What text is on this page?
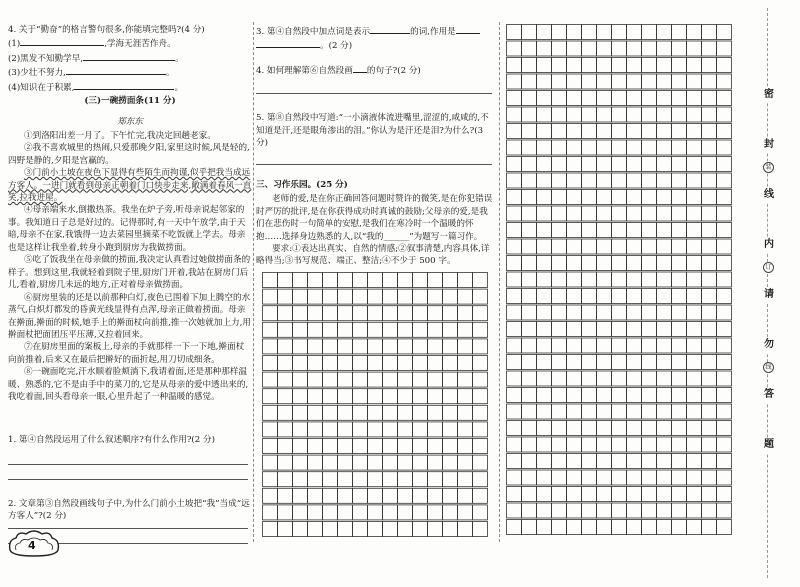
4. 关于“勤奋”的格言警句很多,你能填完整吗?(4 分)

(1)	,学海无涯苦作舟。

(2)黑发不知勤学早,	。

(3)少壮不努力,	。

(4)知识在于积累,	。

(三)一碗捞面条(11 分)

郑东东

①到洛阳出差一月了。下午忙完,我决定回趟老家。

②我不喜欢城里的热闹,只爱那晚夕阳,家里这时候,风是轻的,四野是静的,夕阳是宫赢的。

③门前小土坡在夜色下显得有些陌生而拘谨,似乎把我当成远方客人。一进门就看到母亲正朝着门口快步走来,敞满着春风一直笑,拉我进屋。

④母亲端来水,倒撒热茶。我坐在炉子旁,听母亲说起邻家的事。我知道日子总是好过的。记得那时,有一天中午放学,由于天暗,母亲不在家,我饿得一边去菜园里摘菜不吃饭就上学去。母亲也是这样让我坐着,转身小跑到厨房为我做捞面。

⑤吃了饭我坐在母亲做的捞面,我决定认真看过她做捞面条的样子。想到这里,我就轻着到院子里,厨房门开着,我站在厨房门后儿,看着,厨房几未远的地方,正对着母亲做捞面。

⑥厨房里装的还是以前那种白灯,夜色已围着下加上腾空的水蒸气,白炽灯都发的昏黄光线显得有点浑,母亲正做着捞面。母亲在擀面,擀面的时候,她手上的擀面杖向前推,推一次她就加上力,用擀面杖把面团压平压薄,又拉着回来。

⑦在厨房里面的案板上,母亲的手就那样一下一下地,擀面杖向前推着,后来又在最后把擀好的面折起,用刀切成细条。

⑧一碗面吃完,汗水顺着脸颊淌下,我请着面,还是那种那样温暖、熟悉的,它不是由手中的菜刀的,它是从母亲的爱中透出来的,我吃着面,回头看母亲一眼,心里升起了一种温暖的感觉。

1. 第④自然段运用了什么叙述顺序?有什么作用?(2 分)

2. 文章第③自然段画线句子中,为什么门前小土坡把“我”当成“远方客人”?(2 分)

3. 第④自然段中加点词是表示	的词,作用是

。(2 分)

4. 如何理解第⑥自然段画 的句子?(2 分)

5. 第⑧自然段中写道:“一小滴液体流进嘴里,涩涩的,咸咸的,不知道是汗,还是眼角渗出的泪。”你认为是汗还是泪?为什么?(3 分)

三、习作乐园。(25 分)

老师的爱,是在你正确回答问题时赞许的微笑,是在你犯错误时严厉的批评,是在你获得成功时真诚的鼓励;父母亲的爱,是我们在悲伤时一句简单的安慰,是我们在寒冷时一个温暖的怀抱……选择身边熟悉的人,以“我的______”为题写一篇习作。

要求:①表达出真实、自然的情感;②叙事清楚,内容具体,详略得当;③书写规范、端正、整洁;④不少于 500 字。

密
封
装
线
内
订
请
勿
线
答
题
4
